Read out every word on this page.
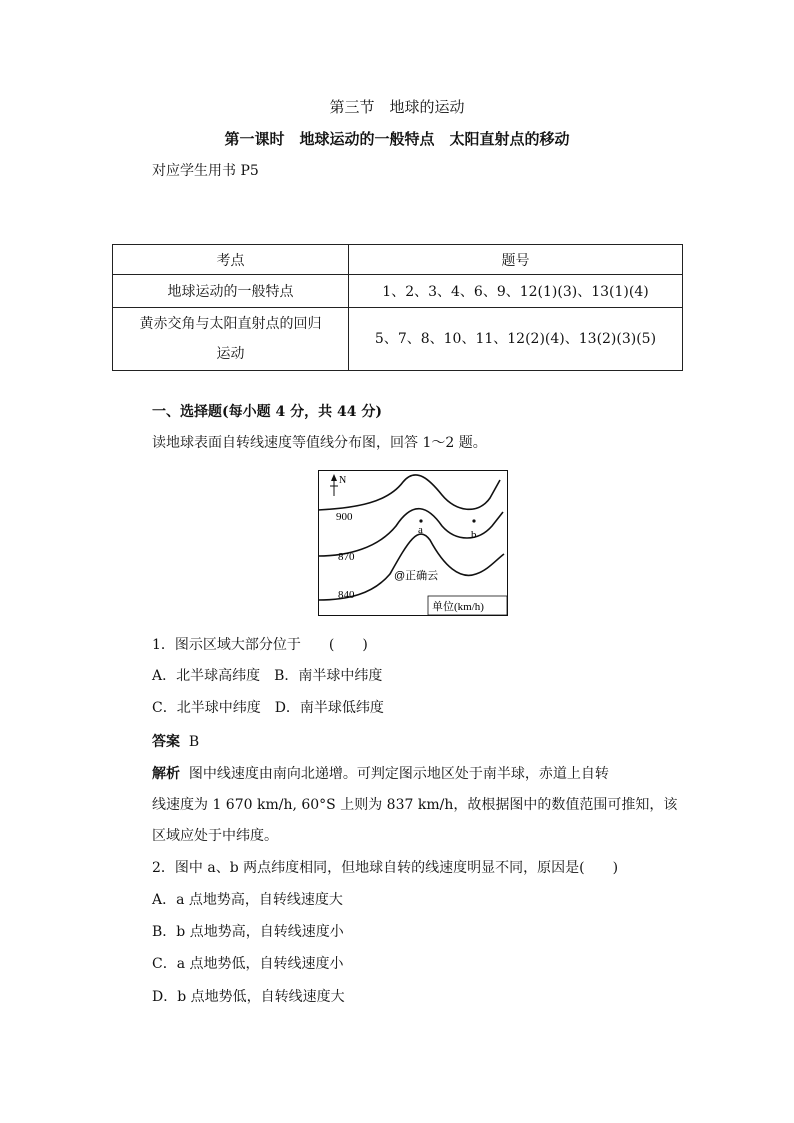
第三节　地球的运动
第一课时　地球运动的一般特点　太阳直射点的移动
对应学生用书 P5
考点	题号
地球运动的一般特点	1、2、3、4、6、9、12(1)(3)、13(1)(4)
黄赤交角与太阳直射点的回归
运动	5、7、8、10、11、12(2)(4)、13(2)(3)(5)
一、选择题(每小题 4 分，共 44 分)
读地球表面自转线速度等值线分布图，回答 1～2 题。
N
900
870
840
a	b
@正确云
单位(km/h)
1．图示区域大部分位于　　(　　)
A．北半球高纬度　B．南半球中纬度
C．北半球中纬度　D．南半球低纬度
答案 B
解析 图中线速度由南向北递增。可判定图示地区处于南半球，赤道上自转
线速度为 1 670 km/h, 60°S 上则为 837 km/h，故根据图中的数值范围可推知，该
区域应处于中纬度。
2．图中 a、b 两点纬度相同，但地球自转的线速度明显不同，原因是(　　)
A．a 点地势高，自转线速度大
B．b 点地势高，自转线速度小
C．a 点地势低，自转线速度小
D．b 点地势低，自转线速度大
